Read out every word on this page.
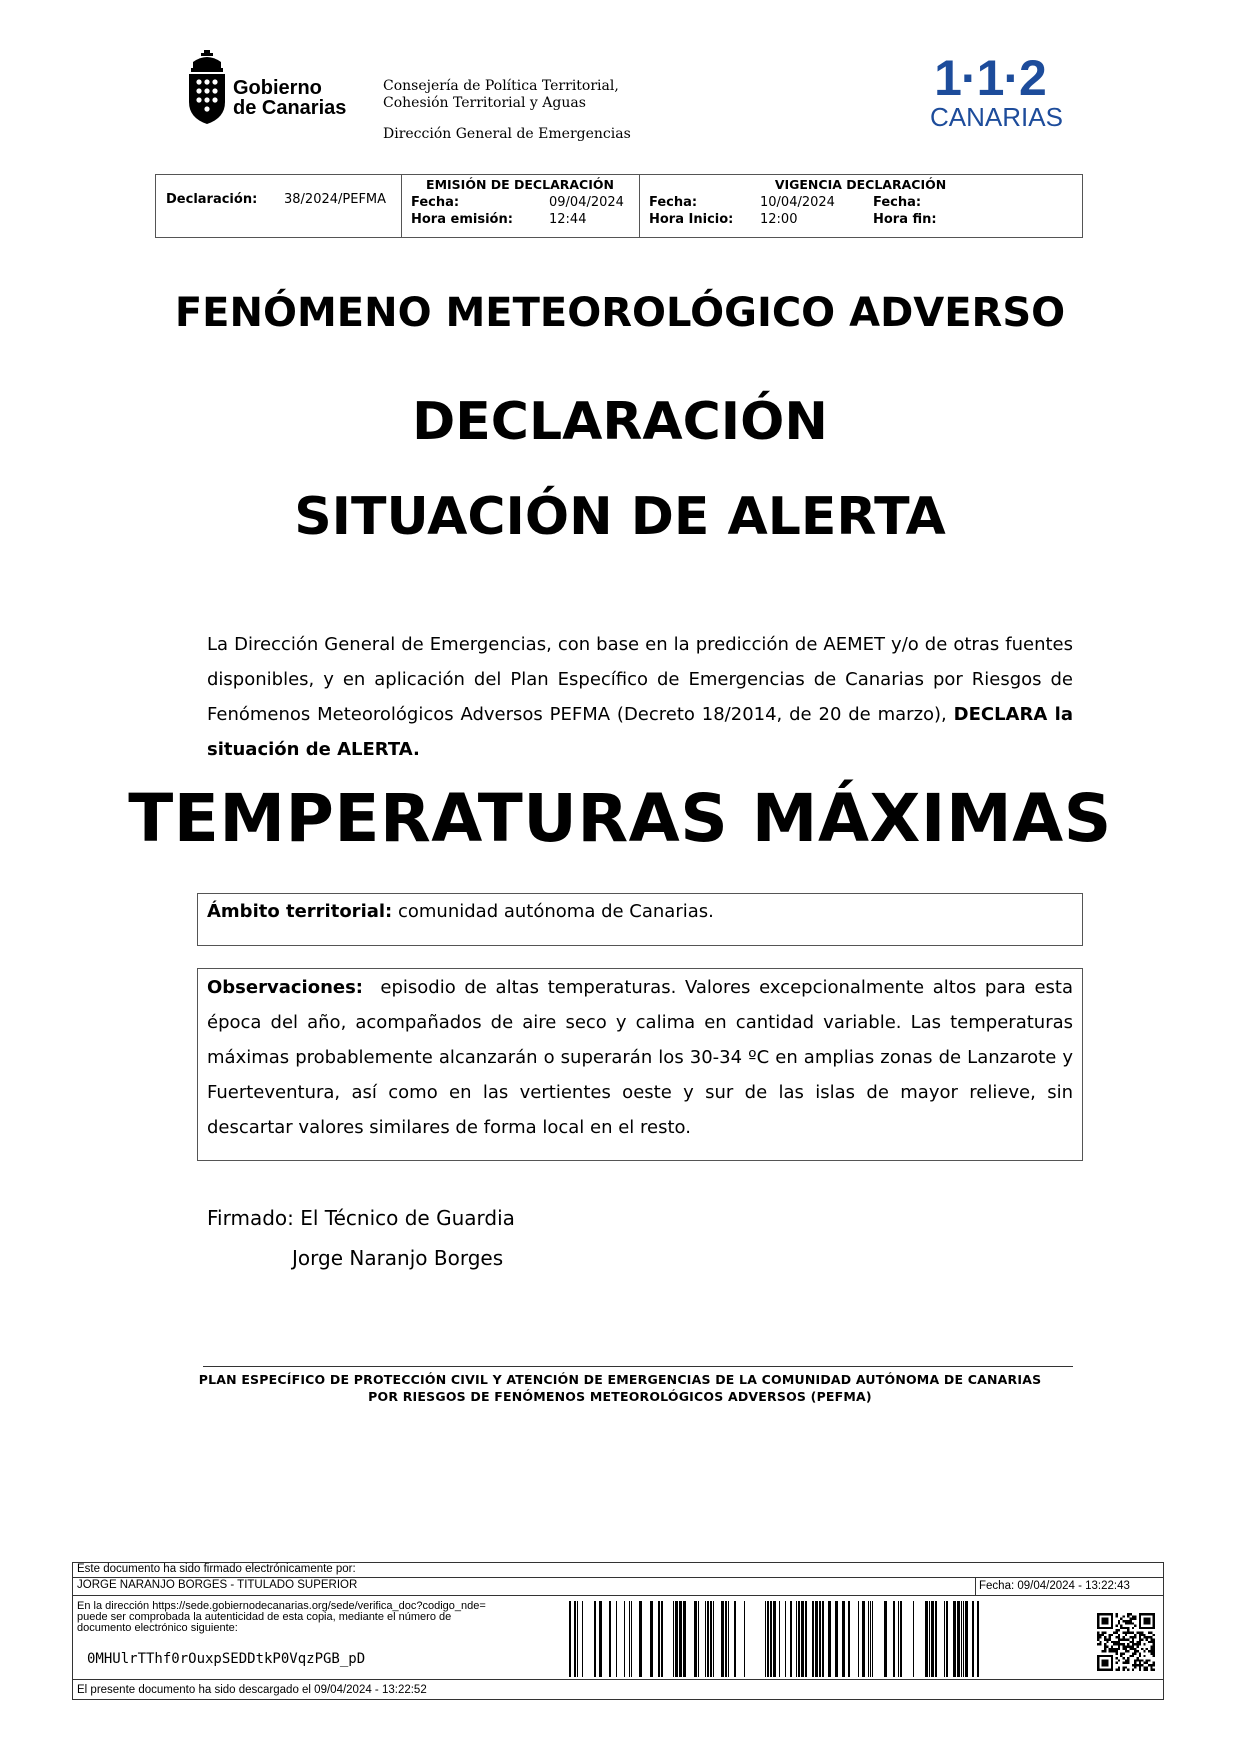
Gobierno
de Canarias
Consejería de Política Territorial,
Cohesión Territorial y Aguas
Dirección General de Emergencias
1·1·2
CANARIAS
Declaración:	38/2024/PEFMA
EMISIÓN DE DECLARACIÓN
Fecha:	09/04/2024
Hora emisión:	12:44
VIGENCIA DECLARACIÓN
Fecha:	10/04/2024
Hora Inicio: 12:00
Fecha:
Hora fin:
FENÓMENO METEOROLÓGICO ADVERSO
DECLARACIÓN
SITUACIÓN DE ALERTA
La Dirección General de Emergencias, con base en la predicción de AEMET y/o de otras fuentes disponibles, y en aplicación del Plan Específico de Emergencias de Canarias por Riesgos de Fenómenos Meteorológicos Adversos PEFMA (Decreto 18/2014, de 20 de marzo), DECLARA la situación de ALERTA.
TEMPERATURAS MÁXIMAS
Ámbito territorial: comunidad autónoma de Canarias.
Observaciones: episodio de altas temperaturas. Valores excepcionalmente altos para esta época del año, acompañados de aire seco y calima en cantidad variable. Las temperaturas máximas probablemente alcanzarán o superarán los 30-34 ºC en amplias zonas de Lanzarote y Fuerteventura, así como en las vertientes oeste y sur de las islas de mayor relieve, sin descartar valores similares de forma local en el resto.
Firmado: El Técnico de Guardia
Jorge Naranjo Borges
PLAN ESPECÍFICO DE PROTECCIÓN CIVIL Y ATENCIÓN DE EMERGENCIAS DE LA COMUNIDAD AUTÓNOMA DE CANARIAS
POR RIESGOS DE FENÓMENOS METEOROLÓGICOS ADVERSOS (PEFMA)
Este documento ha sido firmado electrónicamente por:
JORGE NARANJO BORGES - TITULADO SUPERIOR	Fecha: 09/04/2024 - 13:22:43
En la dirección https://sede.gobiernodecanarias.org/sede/verifica_doc?codigo_nde=
puede ser comprobada la autenticidad de esta copia, mediante el número de
documento electrónico siguiente:
0MHUlrTThf0rOuxpSEDDtkP0VqzPGB_pD
El presente documento ha sido descargado el 09/04/2024 - 13:22:52
